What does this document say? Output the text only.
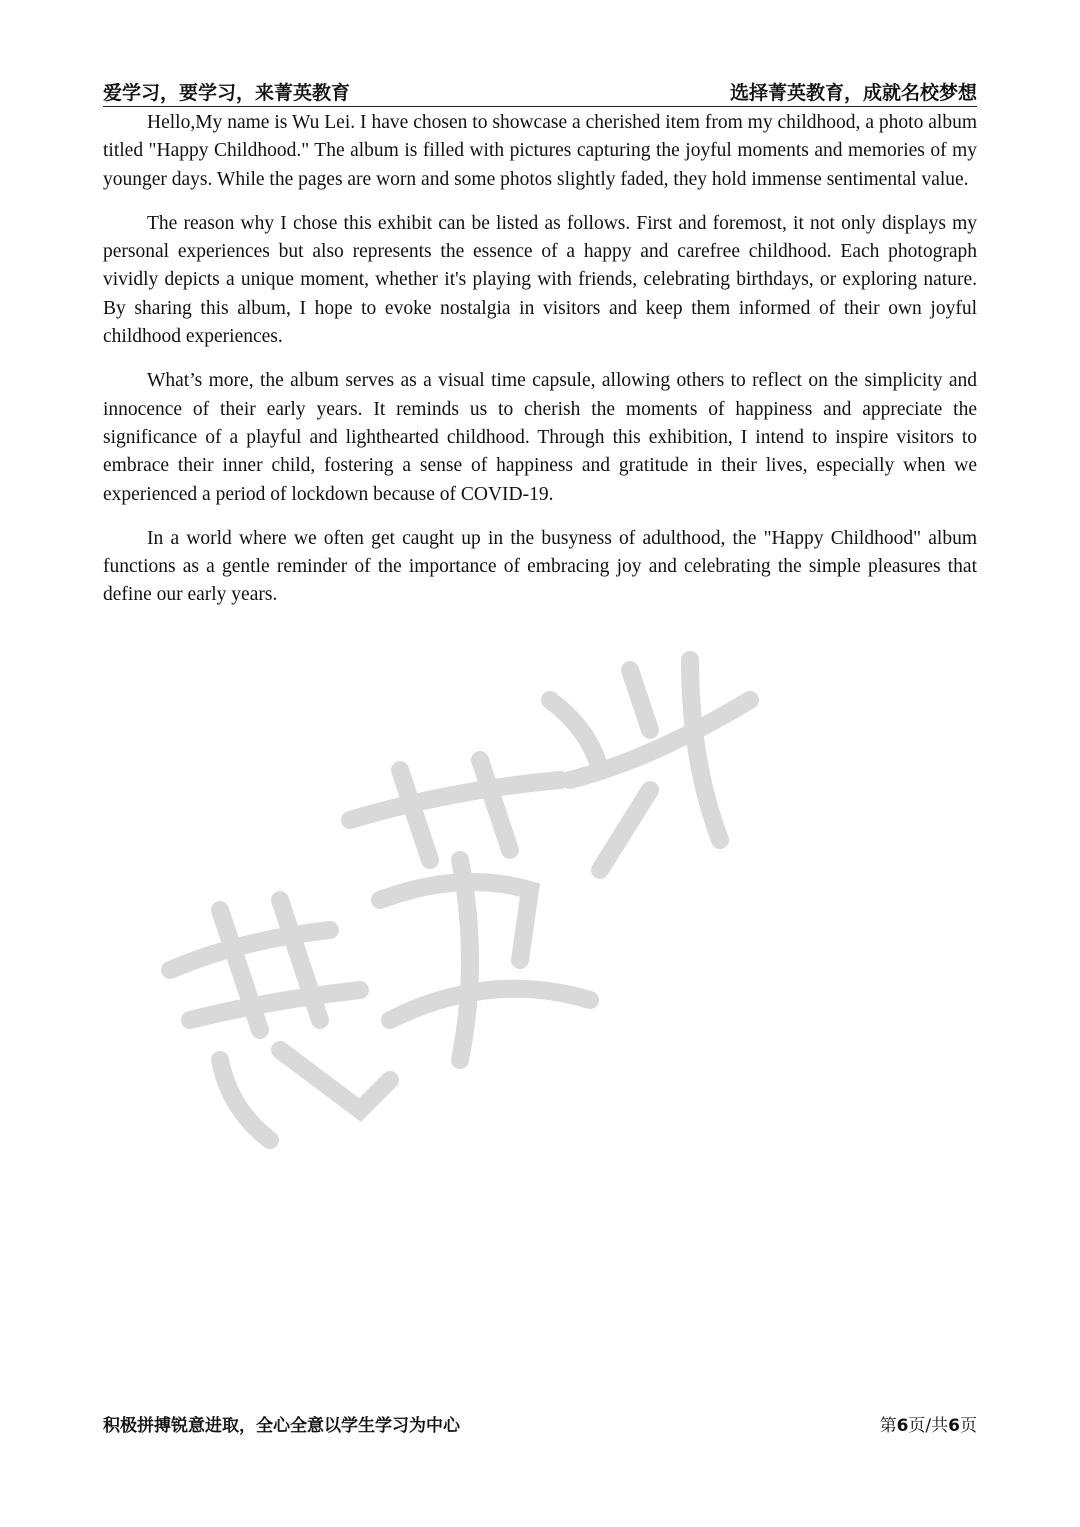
爱学习，要学习，来菁英教育	选择菁英教育，成就名校梦想

Hello,My name is Wu Lei. I have chosen to showcase a cherished item from my childhood, a photo album titled "Happy Childhood." The album is filled with pictures capturing the joyful moments and memories of my younger days. While the pages are worn and some photos slightly faded, they hold immense sentimental value.

The reason why I chose this exhibit can be listed as follows. First and foremost, it not only displays my personal experiences but also represents the essence of a happy and carefree childhood. Each photograph vividly depicts a unique moment, whether it's playing with friends, celebrating birthdays, or exploring nature. By sharing this album, I hope to evoke nostalgia in visitors and keep them informed of their own joyful childhood experiences.

What’s more, the album serves as a visual time capsule, allowing others to reflect on the simplicity and innocence of their early years. It reminds us to cherish the moments of happiness and appreciate the significance of a playful and lighthearted childhood. Through this exhibition, I intend to inspire visitors to embrace their inner child, fostering a sense of happiness and gratitude in their lives, especially when we experienced a period of lockdown because of COVID-19.

In a world where we often get caught up in the busyness of adulthood, the "Happy Childhood" album functions as a gentle reminder of the importance of embracing joy and celebrating the simple pleasures that define our early years.

积极拼搏锐意进取，全心全意以学生学习为中心	第6页/共6页
